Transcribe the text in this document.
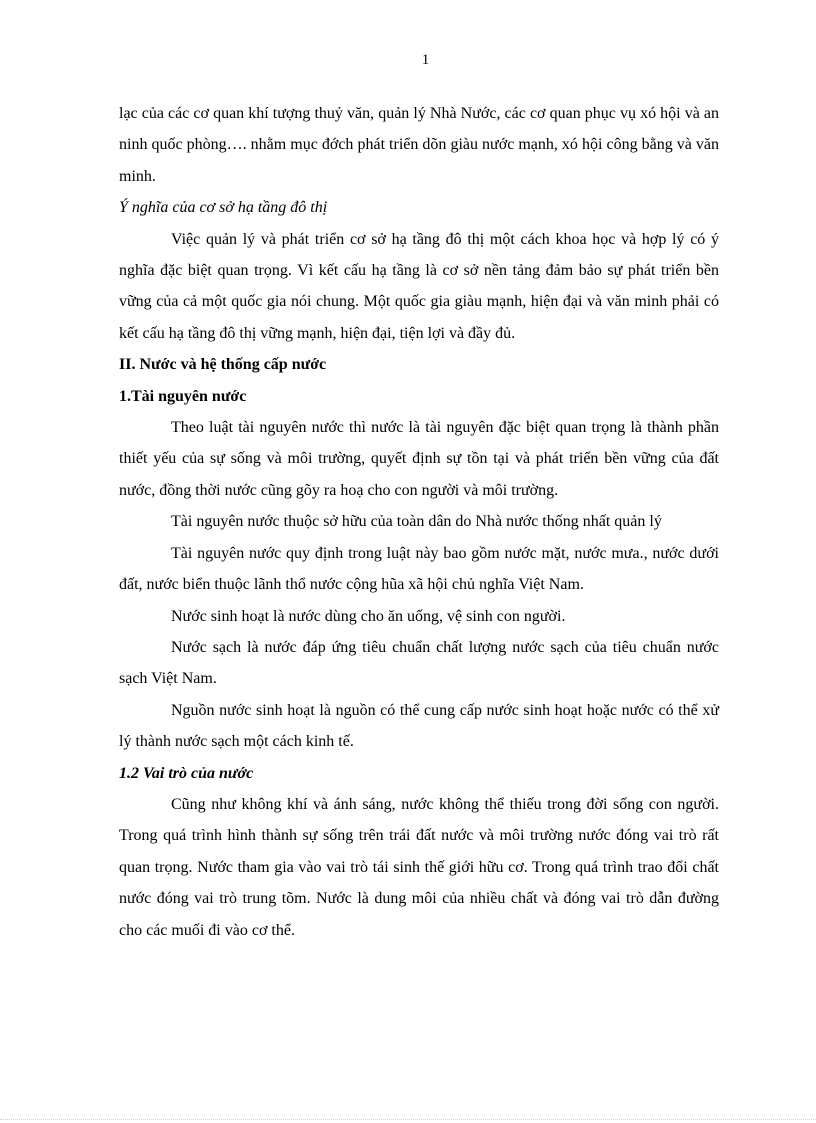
1

lạc của các cơ quan khí tượng thuỷ văn, quản lý Nhà Nước, các cơ quan phục vụ xó hội và an ninh quốc phòng…. nhằm mục đớch phát triển dõn giàu nước mạnh, xó hội công bằng và văn minh.

Ý nghĩa của cơ sở hạ tầng đô thị

Việc quản lý và phát triển cơ sở hạ tầng đô thị một cách khoa học và hợp lý có ý nghĩa đặc biệt quan trọng. Vì kết cấu hạ tầng là cơ sở nền tảng đảm bảo sự phát triển bền vững của cả một quốc gia nói chung. Một quốc gia giàu mạnh, hiện đại và văn minh phải có kết cấu hạ tầng đô thị vững mạnh, hiện đại, tiện lợi và đầy đủ.

II. Nước và hệ thống cấp nước

1.Tài nguyên nước

Theo luật tài nguyên nước thì nước là tài nguyên đặc biệt quan trọng là thành phần thiết yếu của sự sống và môi trường, quyết định sự tồn tại và phát triển bền vững của đất nước, đồng thời nước cũng gõy ra hoạ cho con người và môi trường.

Tài nguyên nước thuộc sở hữu của toàn dân do Nhà nước thống nhất quản lý

Tài nguyên nước quy định trong luật này bao gồm nước mặt, nước mưa., nước dưới đất, nước biển thuộc lãnh thổ nước cộng hũa xã hội chủ nghĩa Việt Nam.

Nước sinh hoạt là nước dùng cho ăn uống, vệ sinh con người.

Nước sạch là nước đáp ứng tiêu chuẩn chất lượng nước sạch của tiêu chuẩn nước sạch Việt Nam.

Nguồn nước sinh hoạt là nguồn có thể cung cấp nước sinh hoạt hoặc nước có thể xử lý thành nước sạch một cách kinh tế.

1.2 Vai trò của nước

Cũng như không khí và ánh sáng, nước không thể thiếu trong đời sống con người. Trong quá trình hình thành sự sống trên trái đất nước và môi trường nước đóng vai trò rất quan trọng. Nước tham gia vào vai trò tái sinh thế giới hữu cơ. Trong quá trình trao đổi chất nước đóng vai trò trung tõm. Nước là dung môi của nhiều chất và đóng vai trò dẫn đường cho các muối đi vào cơ thể.
